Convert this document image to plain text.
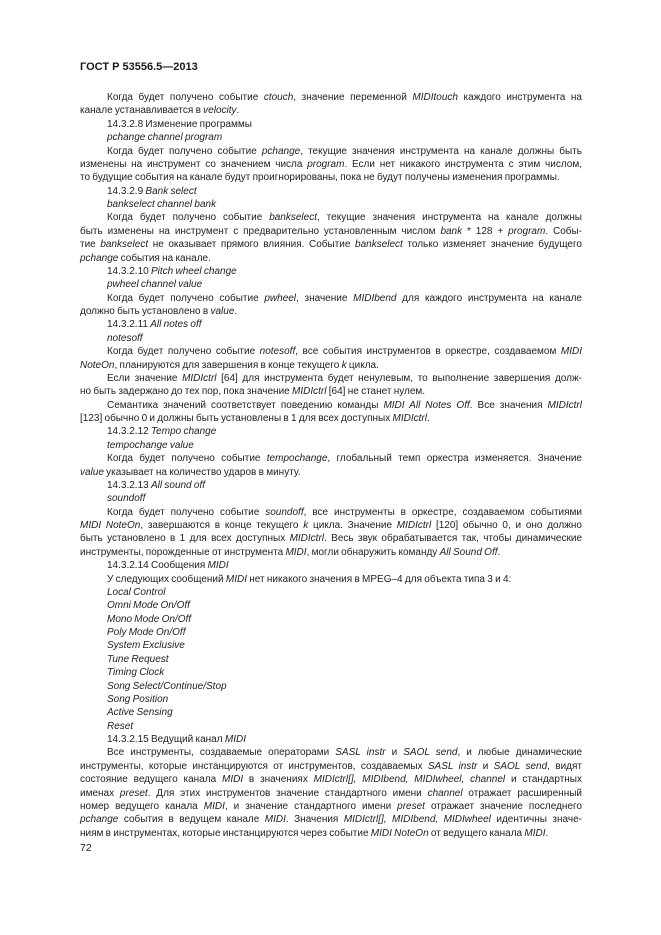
ГОСТ Р 53556.5—2013
Когда будет получено событие ctouch, значение переменной MIDItouch каждого инструмента на
канале устанавливается в velocity.
14.3.2.8 Изменение программы
pchange channel program
Когда будет получено событие pchange, текущие значения инструмента на канале должны быть
изменены на инструмент со значением числа program. Если нет никакого инструмента с этим числом,
то будущие события на канале будут проигнорированы, пока не будут получены изменения программы.
14.3.2.9 Bank select
bankselect channel bank
Когда будет получено событие bankselect, текущие значения инструмента на канале должны
быть изменены на инструмент с предварительно установленным числом bank * 128 + program. Собы-
тие bankselect не оказывает прямого влияния. Событие bankselect только изменяет значение будущего
pchange события на канале.
14.3.2.10 Pitch wheel change
pwheel channel value
Когда будет получено событие pwheel, значение MIDIbend для каждого инструмента на канале
должно быть установлено в value.
14.3.2.11 All notes off
notesoff
Когда будет получено событие notesoff, все события инструментов в оркестре, создаваемом MIDI
NoteOn, планируются для завершения в конце текущего k цикла.
Если значение MIDIctrl [64] для инструмента будет ненулевым, то выполнение завершения долж-
но быть задержано до тех пор, пока значение MIDIctrl [64] не станет нулем.
Семантика значений соответствует поведению команды MIDI All Notes Off. Все значения MIDIctrl
[123] обычно 0 и должны быть установлены в 1 для всех доступных MIDIctrl.
14.3.2.12 Tempo change
tempochange value
Когда будет получено событие tempochange, глобальный темп оркестра изменяется. Значение
value указывает на количество ударов в минуту.
14.3.2.13 All sound off
soundoff
Когда будет получено событие soundoff, все инструменты в оркестре, создаваемом событиями
MIDI NoteOn, завершаются в конце текущего k цикла. Значение MIDIctrl [120] обычно 0, и оно должно
быть установлено в 1 для всех доступных MIDIctrl. Весь звук обрабатывается так, чтобы динамические
инструменты, порожденные от инструмента MIDI, могли обнаружить команду All Sound Off.
14.3.2.14 Сообщения MIDI
У следующих сообщений MIDI нет никакого значения в MPEG–4 для объекта типа 3 и 4:
Local Control
Omni Mode On/Off
Mono Mode On/Off
Poly Mode On/Off
System Exclusive
Tune Request
Timing Clock
Song Select/Continue/Stop
Song Position
Active Sensing
Reset
14.3.2.15 Ведущий канал MIDI
Все инструменты, создаваемые операторами SASL instr и SAOL send, и любые динамические
инструменты, которые инстанцируются от инструментов, создаваемых SASL instr и SAOL send, видят
состояние ведущего канала MIDI в значениях MIDIctrl[], MIDIbend, MIDIwheel, channel и стандартных
именах preset. Для этих инструментов значение стандартного имени channel отражает расширенный
номер ведущего канала MIDI, и значение стандартного имени preset отражает значение последнего
pchange события в ведущем канале MIDI. Значения MIDIctrl[], MIDIbend, MIDIwheel идентичны значе-
ниям в инструментах, которые инстанцируются через событие MIDI NoteOn от ведущего канала MIDI.
72
